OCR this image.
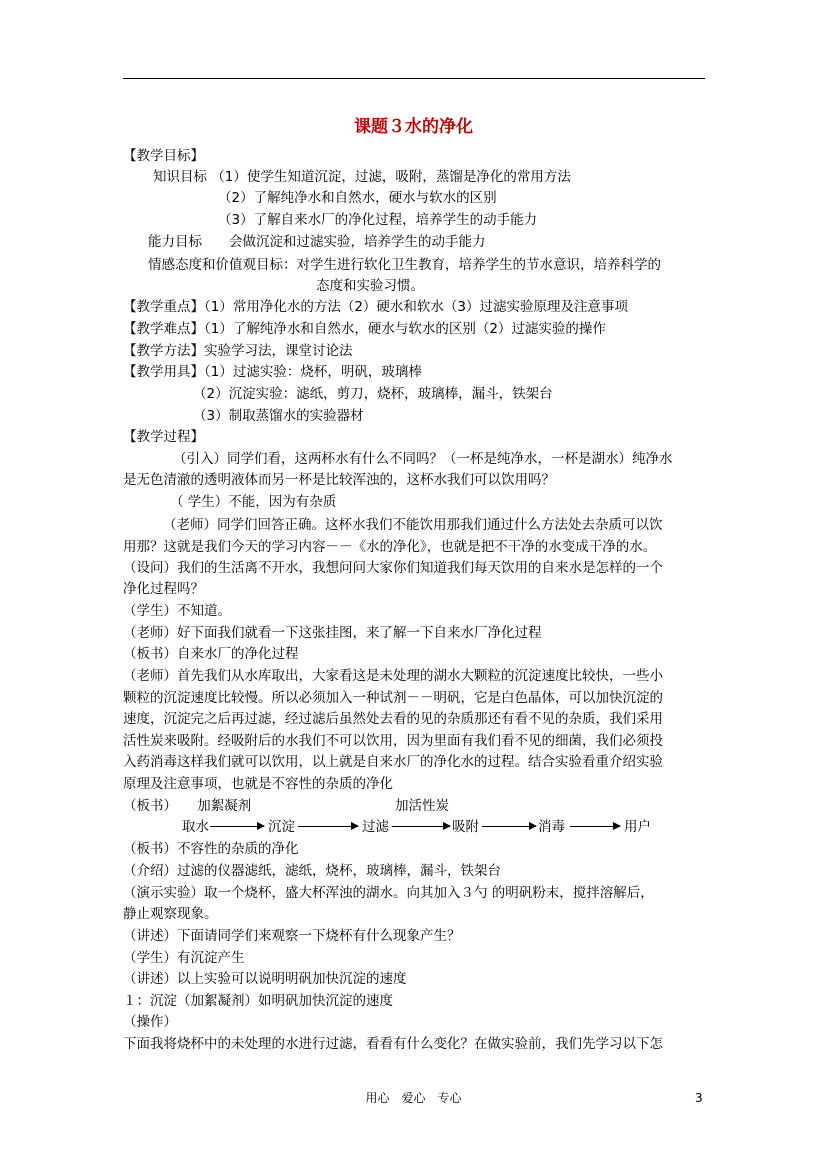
课题３水的净化
【教学目标】
知识目标 （1）使学生知道沉淀，过滤，吸附，蒸馏是净化的常用方法
（2）了解纯净水和自然水，硬水与软水的区别
（3）了解自来水厂的净化过程，培养学生的动手能力
能力目标　　会做沉淀和过滤实验，培养学生的动手能力
情感态度和价值观目标：对学生进行软化卫生教育，培养学生的节水意识，培养科学的
态度和实验习惯。
【教学重点】（1）常用净化水的方法（2）硬水和软水（3）过滤实验原理及注意事项
【教学难点】（1）了解纯净水和自然水，硬水与软水的区别（2）过滤实验的操作
【教学方法】实验学习法，课堂讨论法
【教学用具】（1）过滤实验：烧杯，明矾，玻璃棒
（2）沉淀实验：滤纸，剪刀，烧杯，玻璃棒，漏斗，铁架台
（3）制取蒸馏水的实验器材
【教学过程】
（引入）同学们看，这两杯水有什么不同吗？（一杯是纯净水，一杯是湖水）纯净水
是无色清澈的透明液体而另一杯是比较浑浊的，这杯水我们可以饮用吗？
（ 学生）不能，因为有杂质
（老师）同学们回答正确。这杯水我们不能饮用那我们通过什么方法处去杂质可以饮
用那？这就是我们今天的学习内容－－《水的净化》，也就是把不干净的水变成干净的水。
（设问）我们的生活离不开水，我想问问大家你们知道我们每天饮用的自来水是怎样的一个
净化过程吗？
（学生）不知道。
（老师）好下面我们就看一下这张挂图，来了解一下自来水厂净化过程
（板书）自来水厂的净化过程
（老师）首先我们从水库取出，大家看这是未处理的湖水大颗粒的沉淀速度比较快，一些小
颗粒的沉淀速度比较慢。所以必须加入一种试剂－－明矾，它是白色晶体，可以加快沉淀的
速度，沉淀完之后再过滤，经过滤后虽然处去看的见的杂质那还有看不见的杂质，我们采用
活性炭来吸附。经吸附后的水我们不可以饮用，因为里面有我们看不见的细菌，我们必须投
入药消毒这样我们就可以饮用，以上就是自来水厂的净化水的过程。结合实验看重介绍实验
原理及注意事项，也就是不容性的杂质的净化
（板书）　　加絮凝剂	加活性炭
取水	沉淀	过滤	吸附	消毒	用户
（板书）不容性的杂质的净化
（介绍）过滤的仪器滤纸，滤纸，烧杯，玻璃棒，漏斗，铁架台
（演示实验）取一个烧杯，盛大杯浑浊的湖水。向其加入３勺 的明矾粉末，搅拌溶解后，
静止观察现象。
（讲述）下面请同学们来观察一下烧杯有什么现象产生？
（学生）有沉淀产生
（讲述）以上实验可以说明明矾加快沉淀的速度
１：沉淀（加絮凝剂）如明矾加快沉淀的速度
（操作）
下面我将烧杯中的未处理的水进行过滤，看看有什么变化？在做实验前，我们先学习以下怎
用心　爱心　专心	3
